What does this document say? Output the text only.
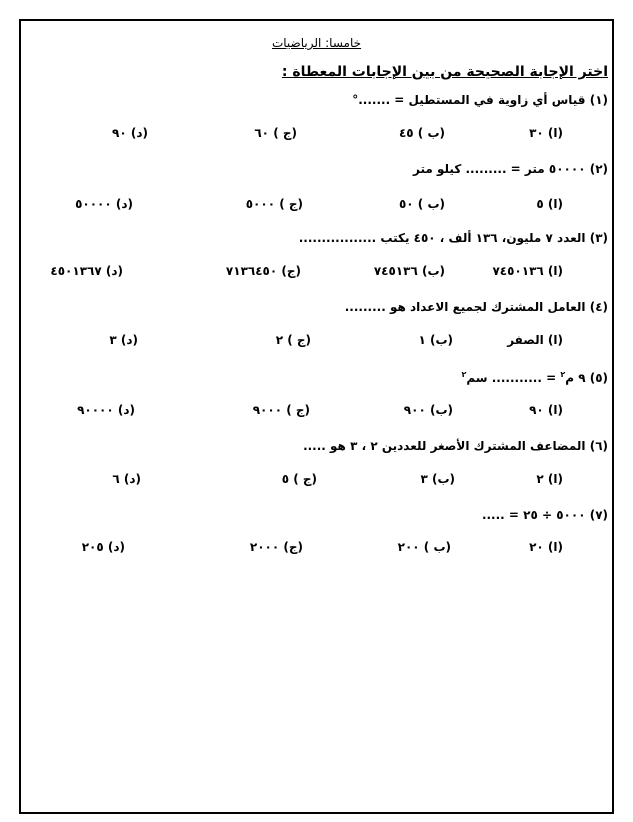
خامسا: الرياضيات
اختر الإجابة الصحيحة من بين الإجابات المعطاة :
(١) قياس أي زاوية في المستطيل = .......°
(ا) ٣٠
(ب ) ٤٥
(ج ) ٦٠
(د) ٩٠
(٢) ٥٠٠٠٠ متر = ......... كيلو متر
(ا) ٥
(ب ) ٥٠
(ج ) ٥٠٠٠
(د) ٥٠٠٠٠
(٣) العدد ٧ مليون، ١٣٦ ألف ، ٤٥٠ يكتب .................
(ا) ٧٤٥٠١٣٦
(ب) ٧٤٥١٣٦
(ج) ٧١٣٦٤٥٠
(د) ٤٥٠١٣٦٧
(٤) العامل المشترك لجميع الاعداد هو .........
(ا) الصفر
(ب) ١
(ج ) ٢
(د) ٣
(٥) ٩ م$^٢$ = ........... سم$^٢$
(ا) ٩٠
(ب) ٩٠٠
(ج ) ٩٠٠٠
(د) ٩٠٠٠٠
(٦) المضاعف المشترك الأصغر للعددين ٢ ، ٣ هو .....
(ا) ٢
(ب) ٣
(ج ) ٥
(د) ٦
(٧) ٥٠٠٠ ÷ ٢٥ = .....
(ا) ٢٠
(ب ) ٢٠٠
(ج) ٢٠٠٠
(د) ٢٠٥
